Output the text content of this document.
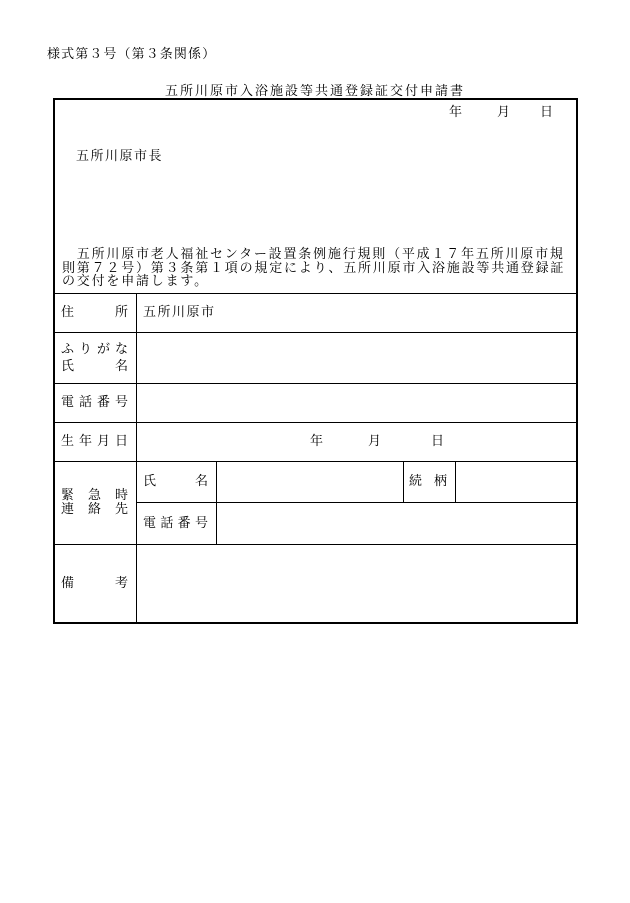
様式第３号（第３条関係）
五所川原市入浴施設等共通登録証交付申請書
年	月 日
五所川原市長
五所川原市老人福祉センター設置条例施行規則（平成１７年五所川原市規
則第７２号）第３条第１項の規定により、五所川原市入浴施設等共通登録証
の交付を申請します。
住	所 五所川原市
ふ り が な
氏	名
電 話 番 号
生 年 月 日	年	月	日
緊 急 時
連 絡 先
氏	名	続 柄
電 話 番 号
備	考
